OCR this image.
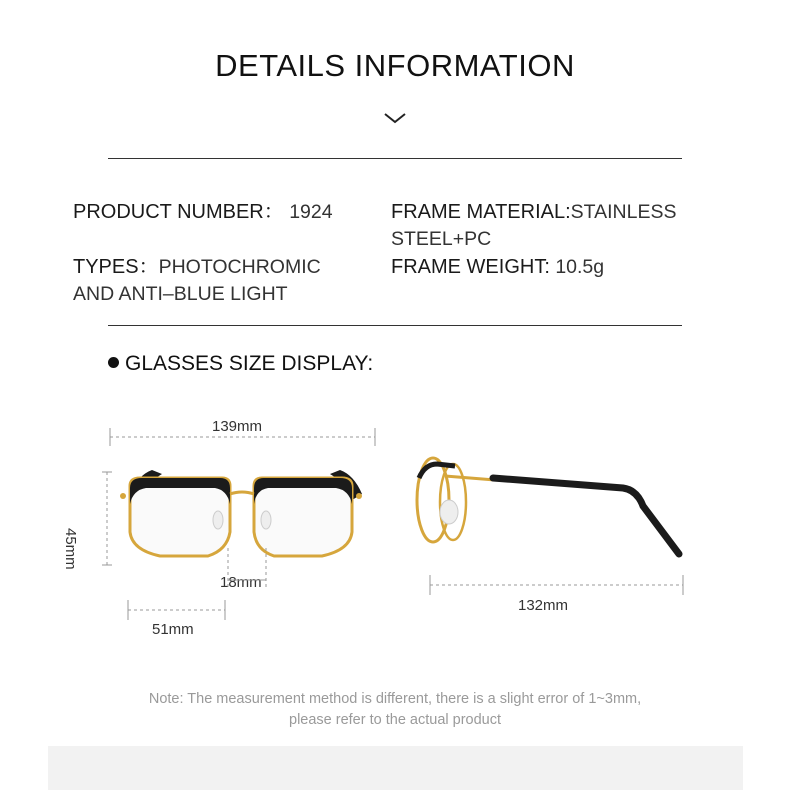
DETAILS INFORMATION
PRODUCT NUMBER： 1924	FRAME MATERIAL:STAINLESS
STEEL+PC
TYPES：PHOTOCHROMIC
AND ANTI–BLUE LIGHT
FRAME WEIGHT: 10.5g
GLASSES SIZE DISPLAY:
139mm
45mm
18mm
51mm
132mm
Note: The measurement method is different, there is a slight error of 1~3mm,
please refer to the actual product
